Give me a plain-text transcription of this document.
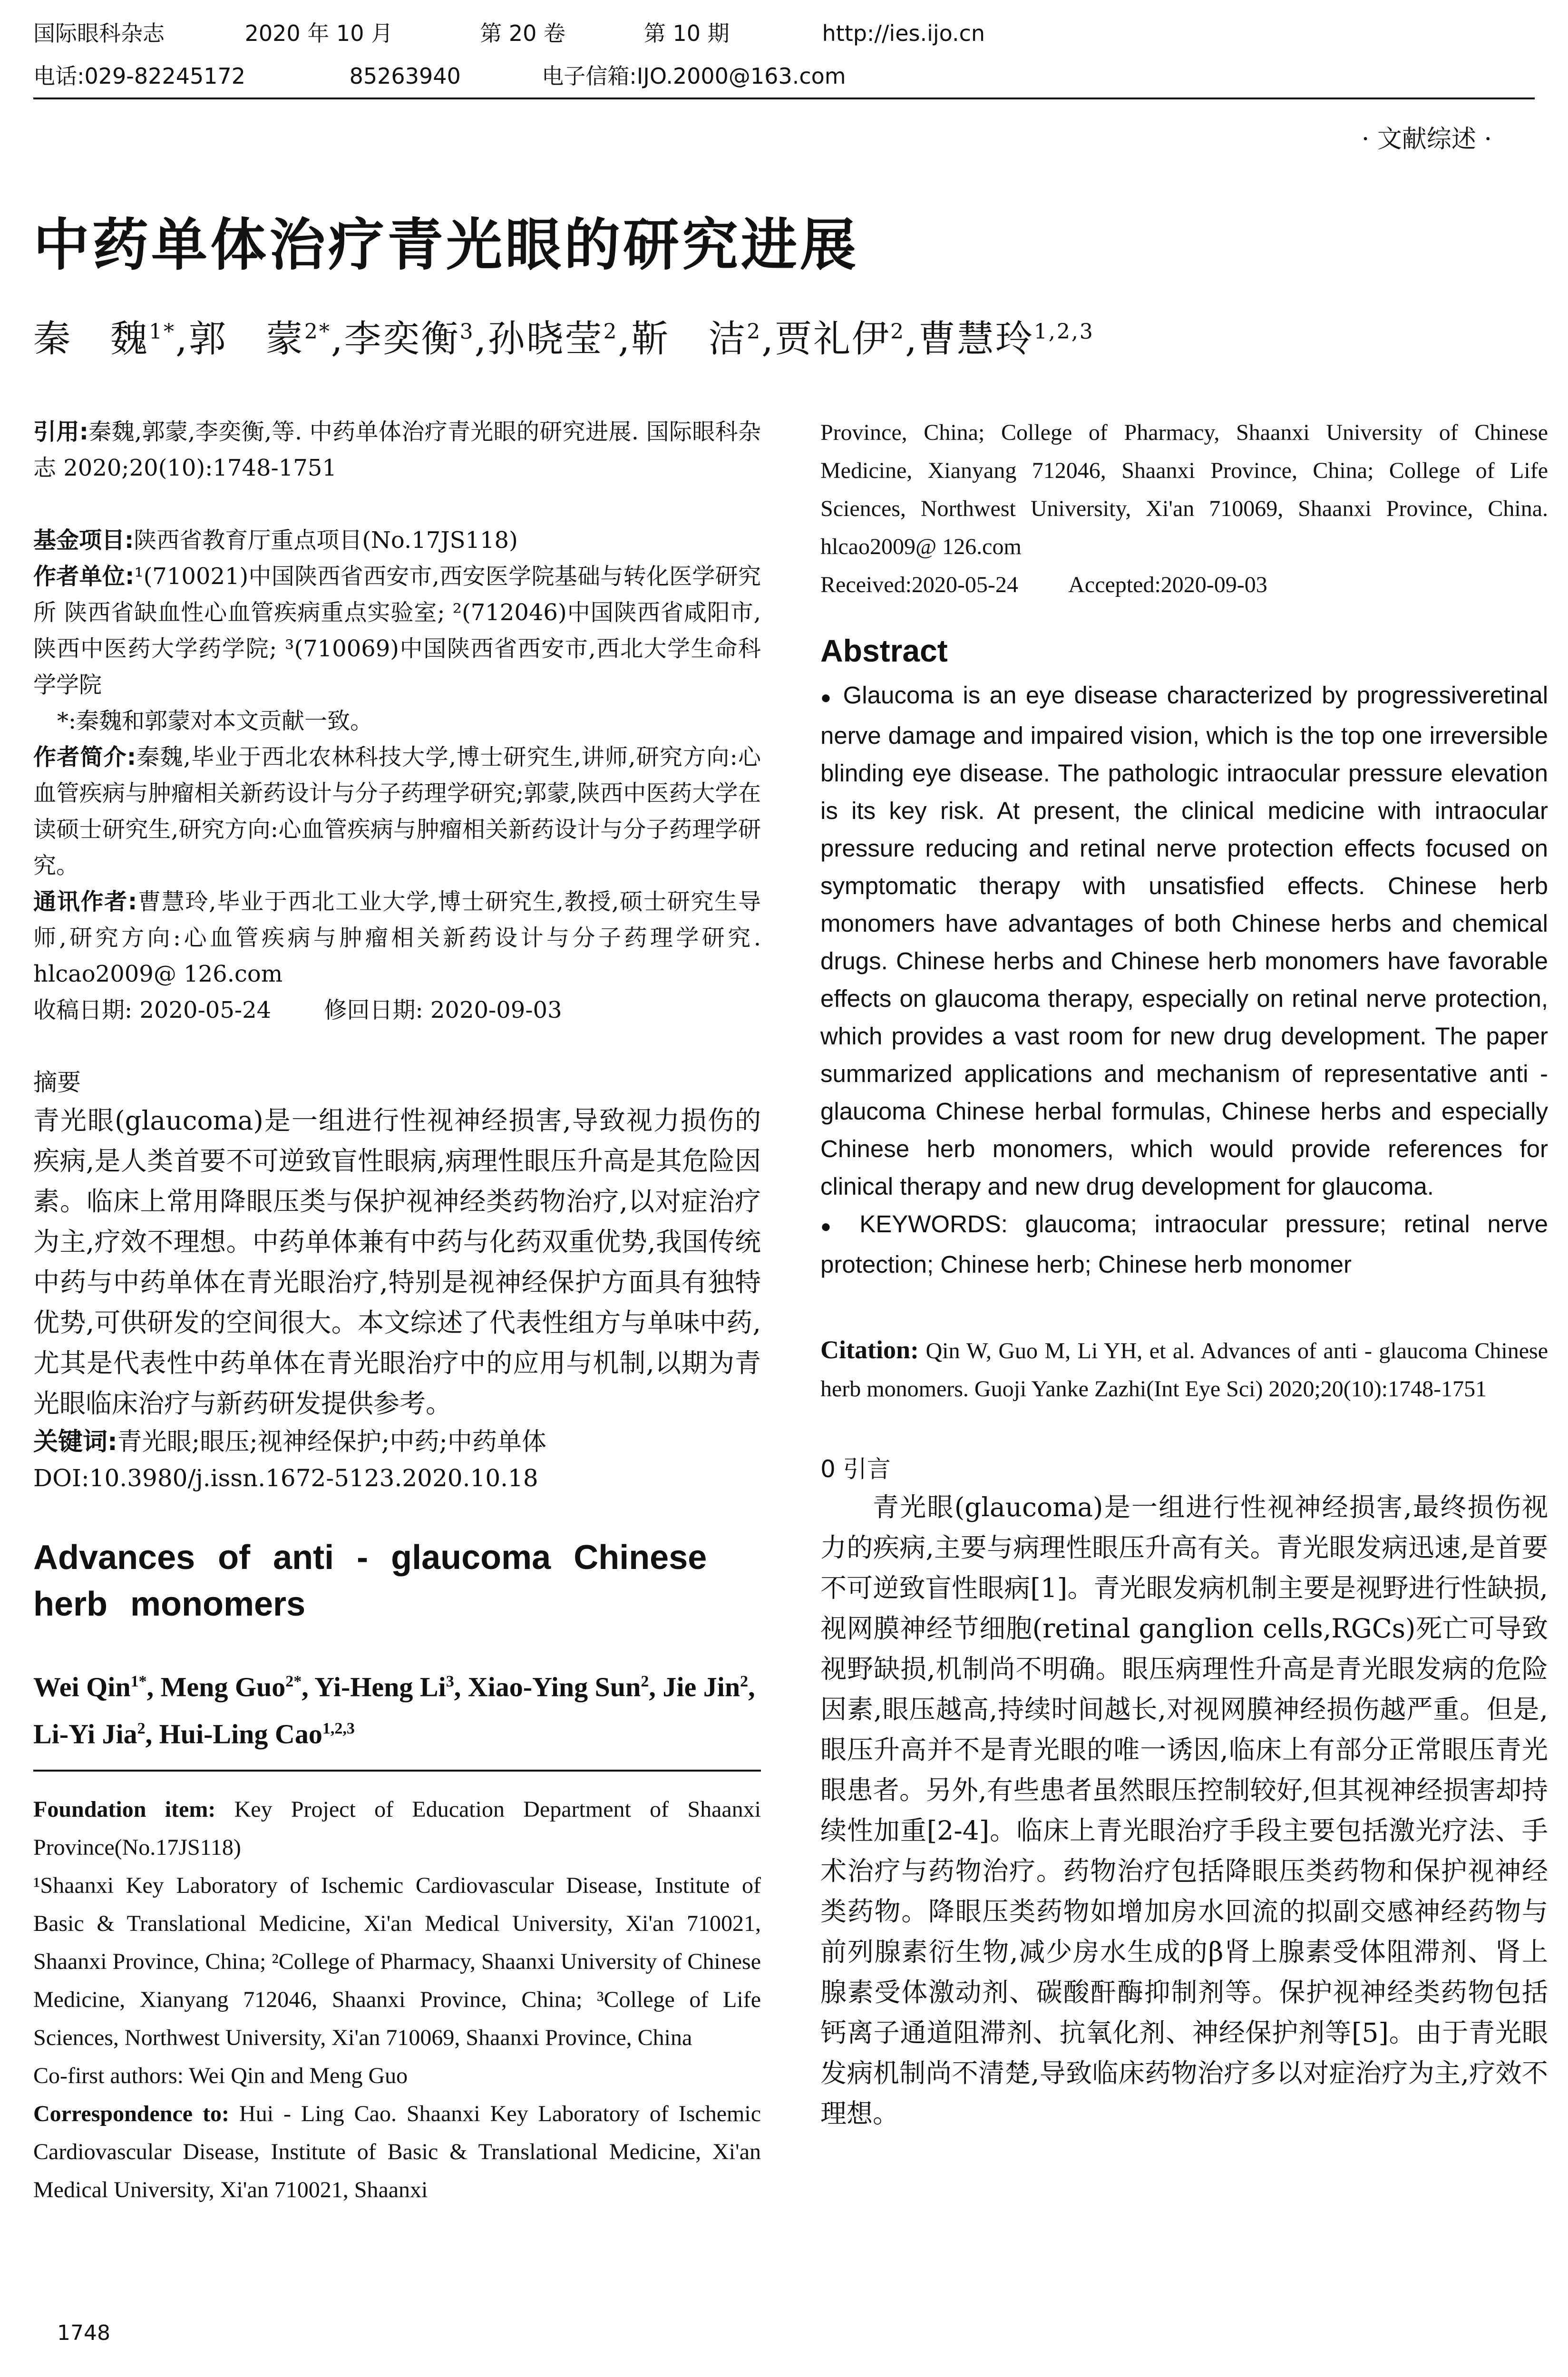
国际眼科杂志	2020 年 10 月	第 20 卷	第 10 期	http://ies.ijo.cn
电话:029-82245172	85263940	电子信箱:IJO.2000@163.com
· 文献综述 ·
中药单体治疗青光眼的研究进展
秦　魏$^{1*}$,郭　蒙$^{2*}$,李奕衡$^3$,孙晓莹$^2$,靳　洁$^2$,贾礼伊$^2$,曹慧玲$^{1,2,3}$

引用:秦魏,郭蒙,李奕衡,等. 中药单体治疗青光眼的研究进展. 国际眼科杂志 2020;20(10):1748-1751

基金项目:陕西省教育厅重点项目(No.17JS118)

作者单位:¹(710021)中国陕西省西安市,西安医学院基础与转化医学研究所 陕西省缺血性心血管疾病重点实验室; ²(712046)中国陕西省咸阳市,陕西中医药大学药学院; ³(710069)中国陕西省西安市,西北大学生命科学学院

*:秦魏和郭蒙对本文贡献一致。

作者简介:秦魏,毕业于西北农林科技大学,博士研究生,讲师,研究方向:心血管疾病与肿瘤相关新药设计与分子药理学研究;郭蒙,陕西中医药大学在读硕士研究生,研究方向:心血管疾病与肿瘤相关新药设计与分子药理学研究。

通讯作者:曹慧玲,毕业于西北工业大学,博士研究生,教授,硕士研究生导师,研究方向:心血管疾病与肿瘤相关新药设计与分子药理学研究. hlcao2009@ 126.com

收稿日期: 2020-05-24　　 修回日期: 2020-09-03

摘要

青光眼(glaucoma)是一组进行性视神经损害,导致视力损伤的疾病,是人类首要不可逆致盲性眼病,病理性眼压升高是其危险因素。临床上常用降眼压类与保护视神经类药物治疗,以对症治疗为主,疗效不理想。中药单体兼有中药与化药双重优势,我国传统中药与中药单体在青光眼治疗,特别是视神经保护方面具有独特优势,可供研发的空间很大。本文综述了代表性组方与单味中药,尤其是代表性中药单体在青光眼治疗中的应用与机制,以期为青光眼临床治疗与新药研发提供参考。

关键词:青光眼;眼压;视神经保护;中药;中药单体

DOI:10.3980/j.issn.1672-5123.2020.10.18

Advances of anti - glaucoma Chinese herb monomers

Wei Qin$^{1*}$, Meng Guo$^{2*}$, Yi-Heng Li$^3$, Xiao-Ying Sun$^2$, Jie Jin$^2$, Li-Yi Jia$^2$, Hui-Ling Cao$^{1,2,3}$

Foundation item: Key Project of Education Department of Shaanxi Province(No.17JS118)

¹Shaanxi Key Laboratory of Ischemic Cardiovascular Disease, Institute of Basic & Translational Medicine, Xi'an Medical University, Xi'an 710021, Shaanxi Province, China; ²College of Pharmacy, Shaanxi University of Chinese Medicine, Xianyang 712046, Shaanxi Province, China; ³College of Life Sciences, Northwest University, Xi'an 710069, Shaanxi Province, China

Co-first authors: Wei Qin and Meng Guo

Correspondence to: Hui - Ling Cao. Shaanxi Key Laboratory of Ischemic Cardiovascular Disease, Institute of Basic & Translational Medicine, Xi'an Medical University, Xi'an 710021, Shaanxi

Province, China; College of Pharmacy, Shaanxi University of Chinese Medicine, Xianyang 712046, Shaanxi Province, China; College of Life Sciences, Northwest University, Xi'an 710069, Shaanxi Province, China. hlcao2009@ 126.com

Received:2020-05-24　　 Accepted:2020-09-03

Abstract

● Glaucoma is an eye disease characterized by progressiveretinal nerve damage and impaired vision, which is the top one irreversible blinding eye disease. The pathologic intraocular pressure elevation is its key risk. At present, the clinical medicine with intraocular pressure reducing and retinal nerve protection effects focused on symptomatic therapy with unsatisfied effects. Chinese herb monomers have advantages of both Chinese herbs and chemical drugs. Chinese herbs and Chinese herb monomers have favorable effects on glaucoma therapy, especially on retinal nerve protection, which provides a vast room for new drug development. The paper summarized applications and mechanism of representative anti - glaucoma Chinese herbal formulas, Chinese herbs and especially Chinese herb monomers, which would provide references for clinical therapy and new drug development for glaucoma.

● KEYWORDS: glaucoma; intraocular pressure; retinal nerve protection; Chinese herb; Chinese herb monomer

Citation: Qin W, Guo M, Li YH, et al. Advances of anti - glaucoma Chinese herb monomers. Guoji Yanke Zazhi(Int Eye Sci) 2020;20(10):1748-1751

0 引言

青光眼(glaucoma)是一组进行性视神经损害,最终损伤视力的疾病,主要与病理性眼压升高有关。青光眼发病迅速,是首要不可逆致盲性眼病[1]。青光眼发病机制主要是视野进行性缺损,视网膜神经节细胞(retinal ganglion cells,RGCs)死亡可导致视野缺损,机制尚不明确。眼压病理性升高是青光眼发病的危险因素,眼压越高,持续时间越长,对视网膜神经损伤越严重。但是,眼压升高并不是青光眼的唯一诱因,临床上有部分正常眼压青光眼患者。另外,有些患者虽然眼压控制较好,但其视神经损害却持续性加重[2-4]。临床上青光眼治疗手段主要包括激光疗法、手术治疗与药物治疗。药物治疗包括降眼压类药物和保护视神经类药物。降眼压类药物如增加房水回流的拟副交感神经药物与前列腺素衍生物,减少房水生成的β肾上腺素受体阻滞剂、肾上腺素受体激动剂、碳酸酐酶抑制剂等。保护视神经类药物包括钙离子通道阻滞剂、抗氧化剂、神经保护剂等[5]。由于青光眼发病机制尚不清楚,导致临床药物治疗多以对症治疗为主,疗效不理想。

1748
